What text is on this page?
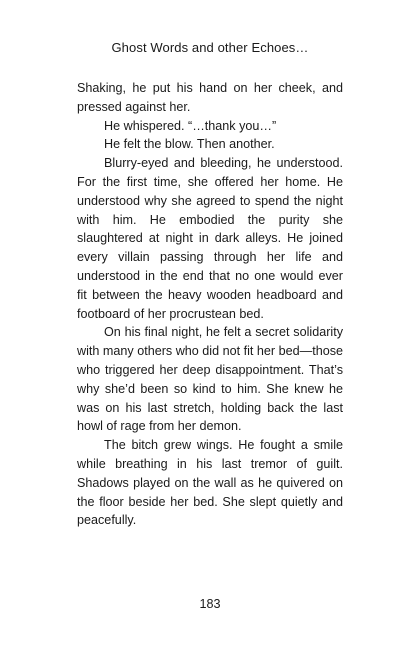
Ghost Words and other Echoes…

Shaking, he put his hand on her cheek, and pressed against her.

He whispered. “…thank you…”

He felt the blow. Then another.

Blurry-eyed and bleeding, he understood. For the first time, she offered her home. He understood why she agreed to spend the night with him. He embodied the purity she slaughtered at night in dark alleys. He joined every villain passing through her life and understood in the end that no one would ever fit between the heavy wooden headboard and footboard of her procrustean bed.

On his final night, he felt a secret solidarity with many others who did not fit her bed—those who triggered her deep disappointment. That’s why she’d been so kind to him. She knew he was on his last stretch, holding back the last howl of rage from her demon.

The bitch grew wings. He fought a smile while breathing in his last tremor of guilt. Shadows played on the wall as he quivered on the floor beside her bed. She slept quietly and peacefully.

183
